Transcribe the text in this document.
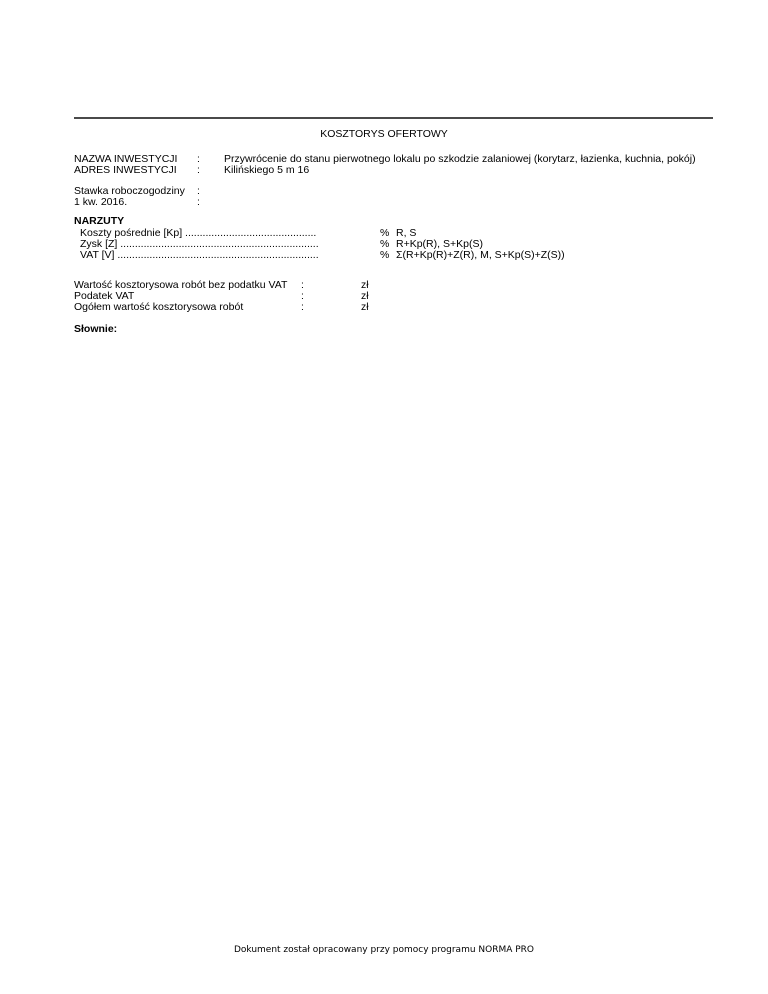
KOSZTORYS OFERTOWY
NAZWA INWESTYCJI : Przywrócenie do stanu pierwotnego lokalu po szkodzie zalaniowej (korytarz, łazienka, kuchnia, pokój)
ADRES INWESTYCJI : Kilińskiego 5 m 16
Stawka roboczogodziny :
1 kw. 2016.	:
NARZUTY
Koszty pośrednie [Kp] .............................................	% R, S
Zysk [Z] ....................................................................	% R+Kp(R), S+Kp(S)
VAT [V] .....................................................................	% Σ(R+Kp(R)+Z(R), M, S+Kp(S)+Z(S))
Wartość kosztorysowa robót bez podatku VAT :	zł
Podatek VAT	:	zł
Ogółem wartość kosztorysowa robót	:	zł
Słownie:
Dokument został opracowany przy pomocy programu NORMA PRO
